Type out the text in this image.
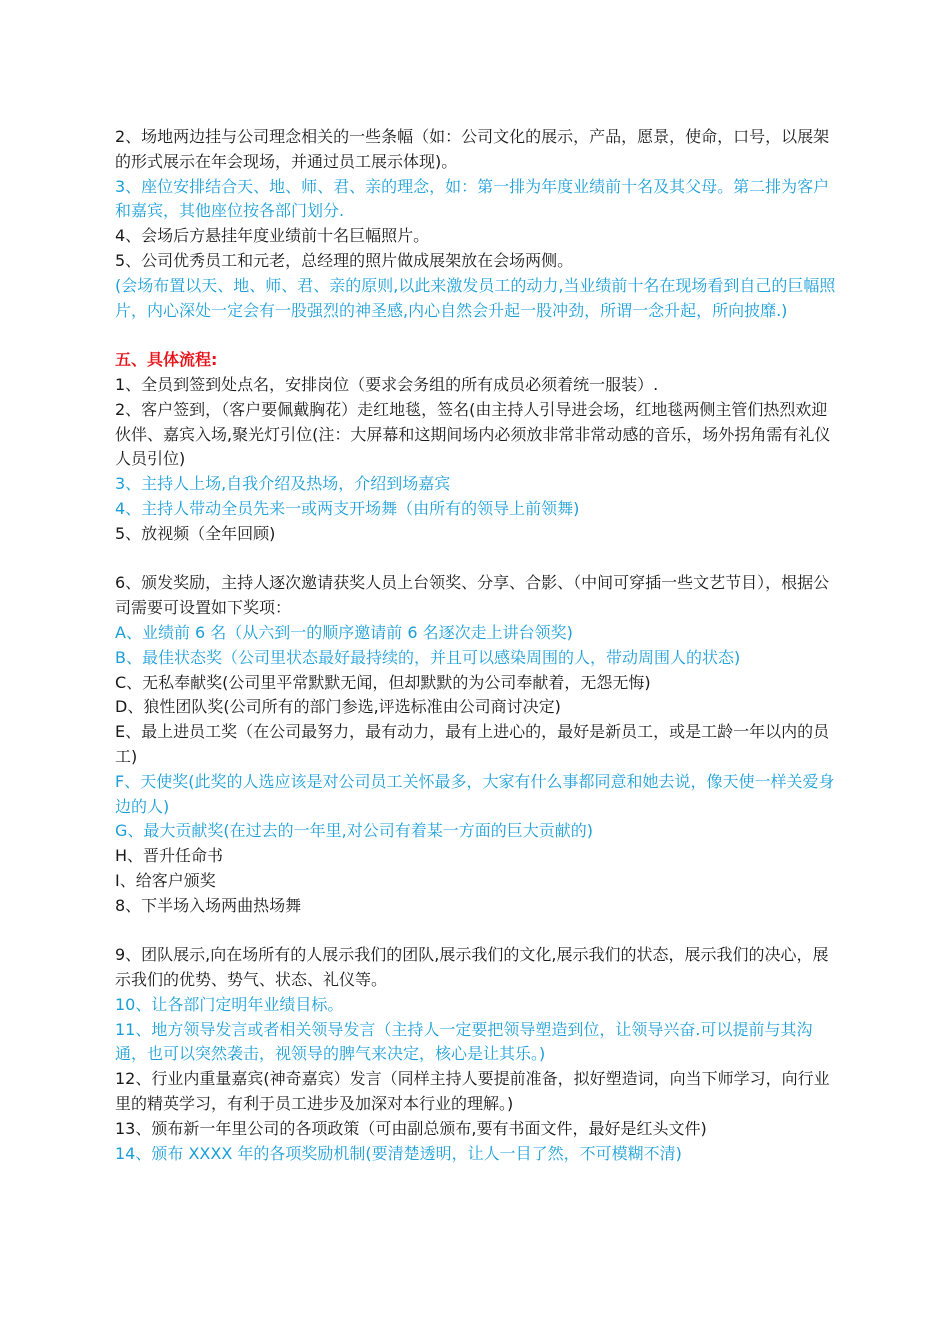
2、场地两边挂与公司理念相关的一些条幅（如：公司文化的展示，产品，愿景，使命，口号，以展架的形式展示在年会现场，并通过员工展示体现)。

3、座位安排结合天、地、师、君、亲的理念，如：第一排为年度业绩前十名及其父母。第二排为客户和嘉宾，其他座位按各部门划分.

4、会场后方悬挂年度业绩前十名巨幅照片。

5、公司优秀员工和元老，总经理的照片做成展架放在会场两侧。

(会场布置以天、地、师、君、亲的原则,以此来激发员工的动力,当业绩前十名在现场看到自己的巨幅照片，内心深处一定会有一股强烈的神圣感,内心自然会升起一股冲劲，所谓一念升起，所向披靡.)

五、具体流程:

1、全员到签到处点名，安排岗位（要求会务组的所有成员必须着统一服装）.

2、客户签到，（客户要佩戴胸花）走红地毯，签名(由主持人引导进会场，红地毯两侧主管们热烈欢迎伙伴、嘉宾入场,聚光灯引位(注：大屏幕和这期间场内必须放非常非常动感的音乐，场外拐角需有礼仪人员引位)

3、主持人上场,自我介绍及热场，介绍到场嘉宾

4、主持人带动全员先来一或两支开场舞（由所有的领导上前领舞)

5、放视频（全年回顾)

6、颁发奖励，主持人逐次邀请获奖人员上台领奖、分享、合影、（中间可穿插一些文艺节目），根据公司需要可设置如下奖项：

A、业绩前 6 名（从六到一的顺序邀请前 6 名逐次走上讲台领奖)

B、最佳状态奖（公司里状态最好最持续的，并且可以感染周围的人，带动周围人的状态)

C、无私奉献奖(公司里平常默默无闻，但却默默的为公司奉献着，无怨无悔)

D、狼性团队奖(公司所有的部门参选,评选标准由公司商讨决定)

E、最上进员工奖（在公司最努力，最有动力，最有上进心的，最好是新员工，或是工龄一年以内的员工)

F、天使奖(此奖的人选应该是对公司员工关怀最多，大家有什么事都同意和她去说，像天使一样关爱身边的人)

G、最大贡献奖(在过去的一年里,对公司有着某一方面的巨大贡献的)

H、晋升任命书

I、给客户颁奖

8、下半场入场两曲热场舞

9、团队展示,向在场所有的人展示我们的团队,展示我们的文化,展示我们的状态，展示我们的决心，展示我们的优势、势气、状态、礼仪等。

10、让各部门定明年业绩目标。

11、地方领导发言或者相关领导发言（主持人一定要把领导塑造到位，让领导兴奋.可以提前与其沟通，也可以突然袭击，视领导的脾气来决定，核心是让其乐。)

12、行业内重量嘉宾(神奇嘉宾）发言（同样主持人要提前准备，拟好塑造词，向当下师学习，向行业里的精英学习，有利于员工进步及加深对本行业的理解。)

13、颁布新一年里公司的各项政策（可由副总颁布,要有书面文件，最好是红头文件)

14、颁布 XXXX 年的各项奖励机制(要清楚透明，让人一目了然，不可模糊不清)
